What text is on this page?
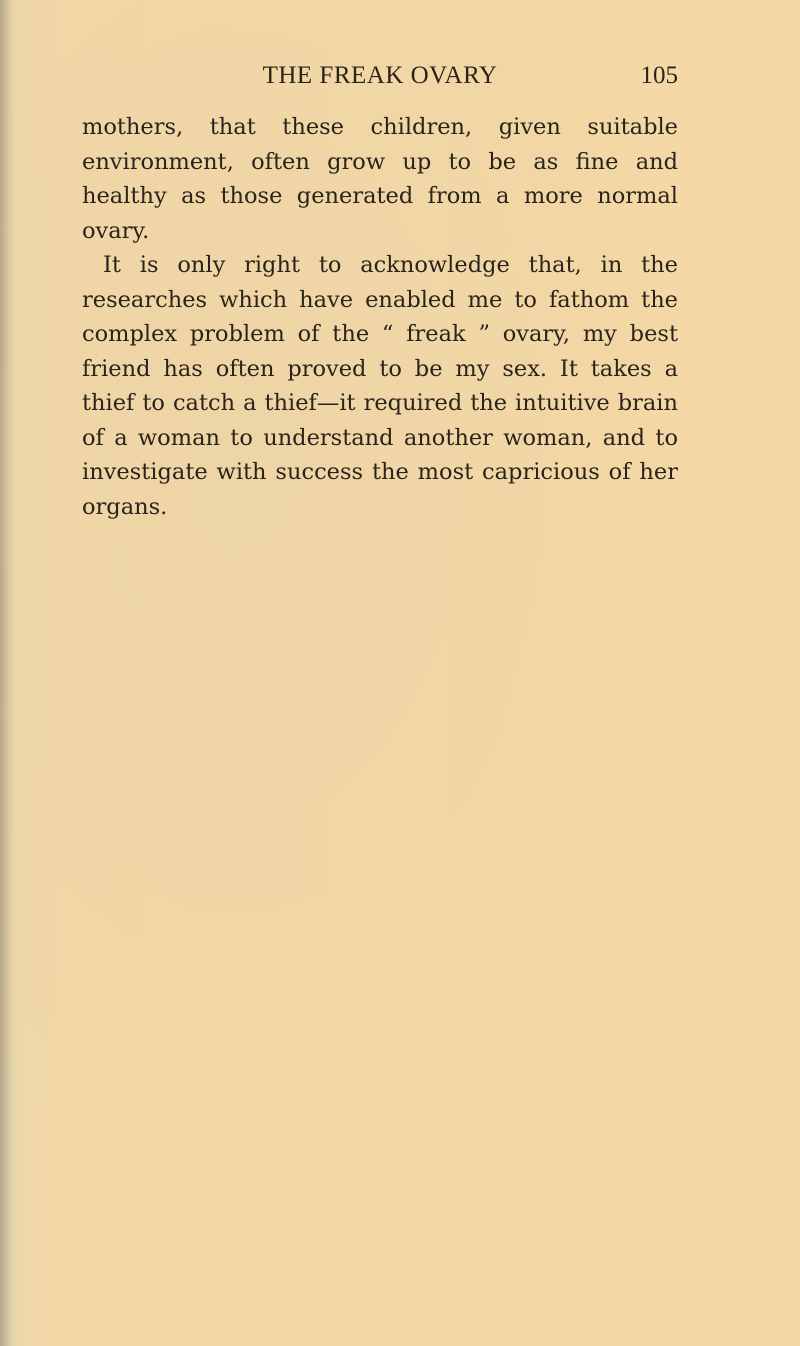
THE FREAK OVARY	105

mothers, that these children, given suitable environment, often grow up to be as fine and healthy as those generated from a more normal ovary.

It is only right to acknowledge that, in the researches which have enabled me to fathom the complex problem of the “ freak ” ovary, my best friend has often proved to be my sex. It takes a thief to catch a thief—it required the intuitive brain of a woman to understand another woman, and to investigate with success the most capricious of her organs.
